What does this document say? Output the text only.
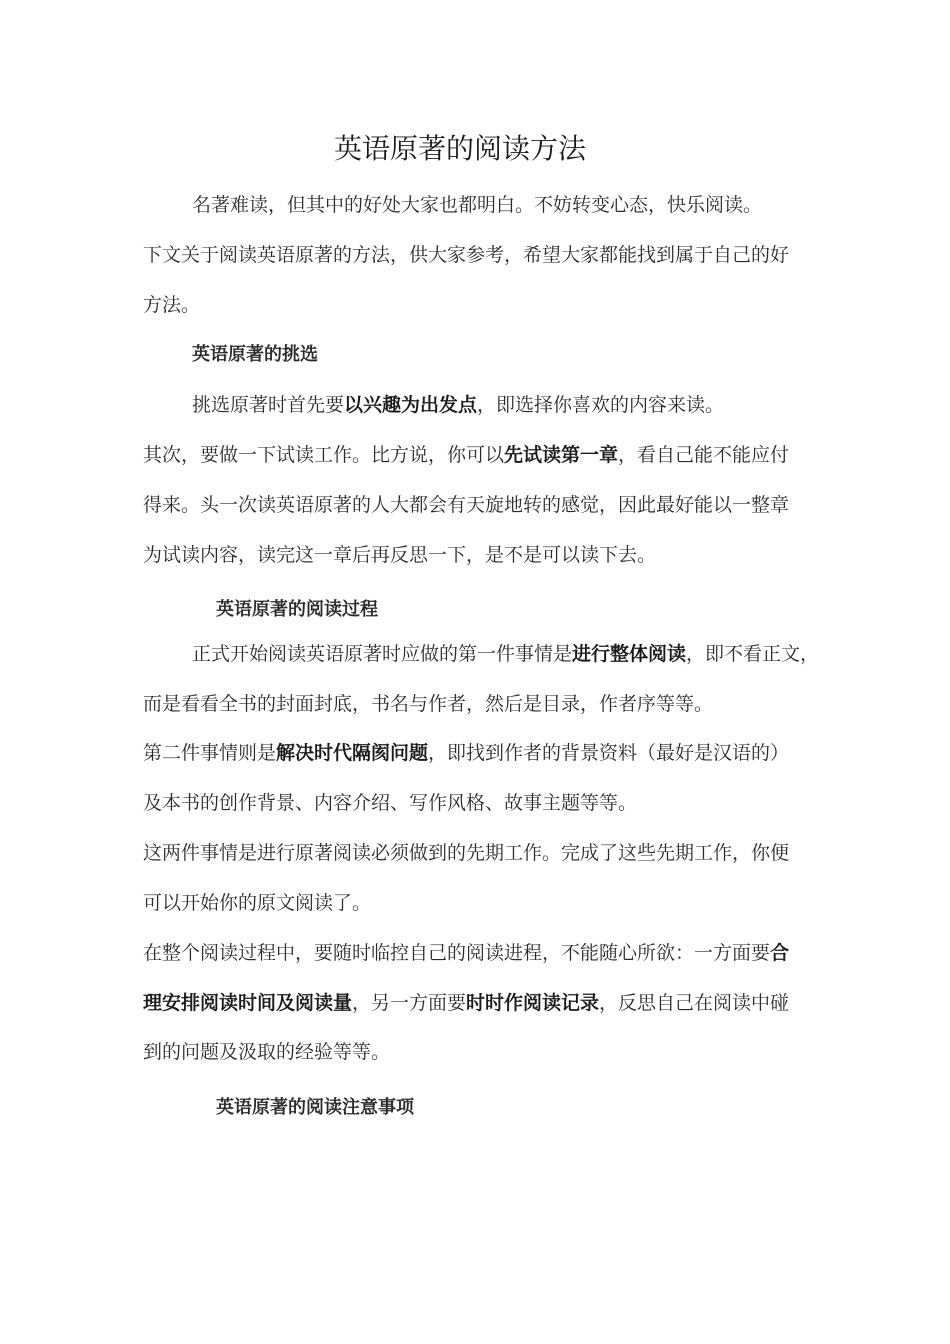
英语原著的阅读方法
名著难读，但其中的好处大家也都明白。不妨转变心态，快乐阅读。
下文关于阅读英语原著的方法，供大家参考，希望大家都能找到属于自己的好
方法。
英语原著的挑选
挑选原著时首先要以兴趣为出发点，即选择你喜欢的内容来读。
其次，要做一下试读工作。比方说，你可以先试读第一章，看自己能不能应付
得来。头一次读英语原著的人大都会有天旋地转的感觉，因此最好能以一整章
为试读内容，读完这一章后再反思一下，是不是可以读下去。
英语原著的阅读过程
正式开始阅读英语原著时应做的第一件事情是进行整体阅读，即不看正文，
而是看看全书的封面封底，书名与作者，然后是目录，作者序等等。
第二件事情则是解决时代隔阂问题，即找到作者的背景资料（最好是汉语的）
及本书的创作背景、内容介绍、写作风格、故事主题等等。
这两件事情是进行原著阅读必须做到的先期工作。完成了这些先期工作，你便
可以开始你的原文阅读了。
在整个阅读过程中，要随时临控自己的阅读进程，不能随心所欲：一方面要合
理安排阅读时间及阅读量，另一方面要时时作阅读记录，反思自己在阅读中碰
到的问题及汲取的经验等等。
英语原著的阅读注意事项
